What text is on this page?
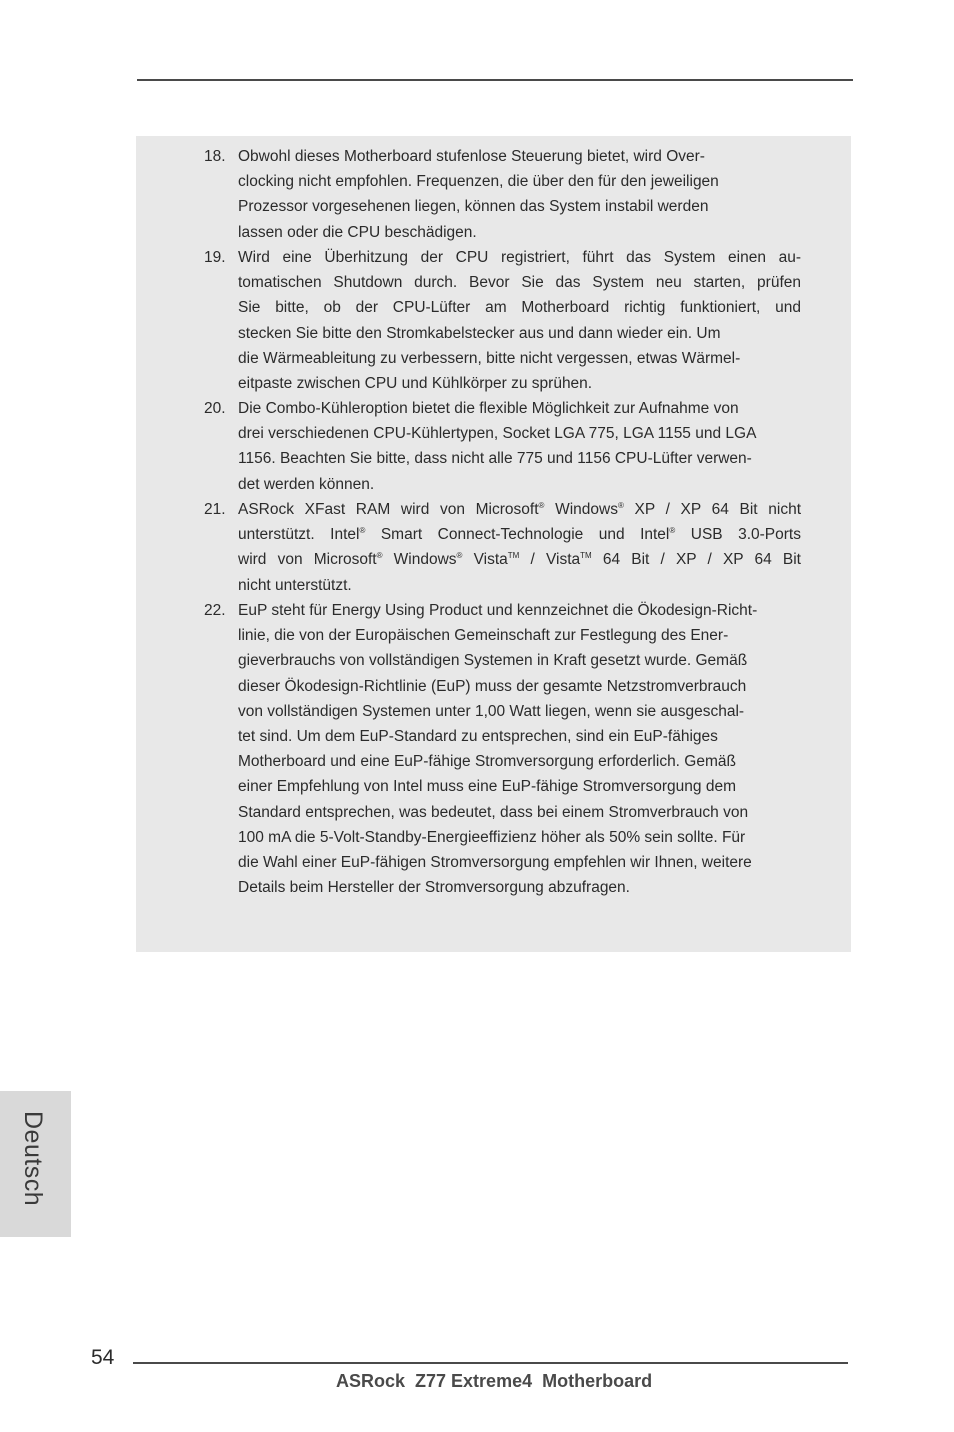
18. Obwohl dieses Motherboard stufenlose Steuerung bietet, wird Over-
clocking nicht empfohlen. Frequenzen, die über den für den jeweiligen
Prozessor vorgesehenen liegen, können das System instabil werden
lassen oder die CPU beschädigen.
19. Wird eine Überhitzung der CPU registriert, führt das System einen au-
tomatischen Shutdown durch. Bevor Sie das System neu starten, prüfen
Sie bitte, ob der CPU-Lüfter am Motherboard richtig funktioniert, und
stecken Sie bitte den Stromkabelstecker aus und dann wieder ein. Um
die Wärmeableitung zu verbessern, bitte nicht vergessen, etwas Wärmel-
eitpaste zwischen CPU und Kühlkörper zu sprühen.
20. Die Combo-Kühleroption bietet die flexible Möglichkeit zur Aufnahme von
drei verschiedenen CPU-Kühlertypen, Socket LGA 775, LGA 1155 und LGA
1156. Beachten Sie bitte, dass nicht alle 775 und 1156 CPU-Lüfter verwen-
det werden können.
21. ASRock XFast RAM wird von Microsoft® Windows® XP / XP 64 Bit nicht
unterstützt. Intel® Smart Connect-Technologie und Intel® USB 3.0-Ports
wird von Microsoft® Windows® Vista™ / Vista™ 64 Bit / XP / XP 64 Bit
nicht unterstützt.
22. EuP steht für Energy Using Product und kennzeichnet die Ökodesign-Richt-
linie, die von der Europäischen Gemeinschaft zur Festlegung des Ener-
gieverbrauchs von vollständigen Systemen in Kraft gesetzt wurde. Gemäß
dieser Ökodesign-Richtlinie (EuP) muss der gesamte Netzstromverbrauch
von vollständigen Systemen unter 1,00 Watt liegen, wenn sie ausgeschal-
tet sind. Um dem EuP-Standard zu entsprechen, sind ein EuP-fähiges
Motherboard und eine EuP-fähige Stromversorgung erforderlich. Gemäß
einer Empfehlung von Intel muss eine EuP-fähige Stromversorgung dem
Standard entsprechen, was bedeutet, dass bei einem Stromverbrauch von
100 mA die 5-Volt-Standby-Energieeffizienz höher als 50% sein sollte. Für
die Wahl einer EuP-fähigen Stromversorgung empfehlen wir Ihnen, weitere
Details beim Hersteller der Stromversorgung abzufragen.
Deutsch
54
ASRock  Z77 Extreme4  Motherboard
